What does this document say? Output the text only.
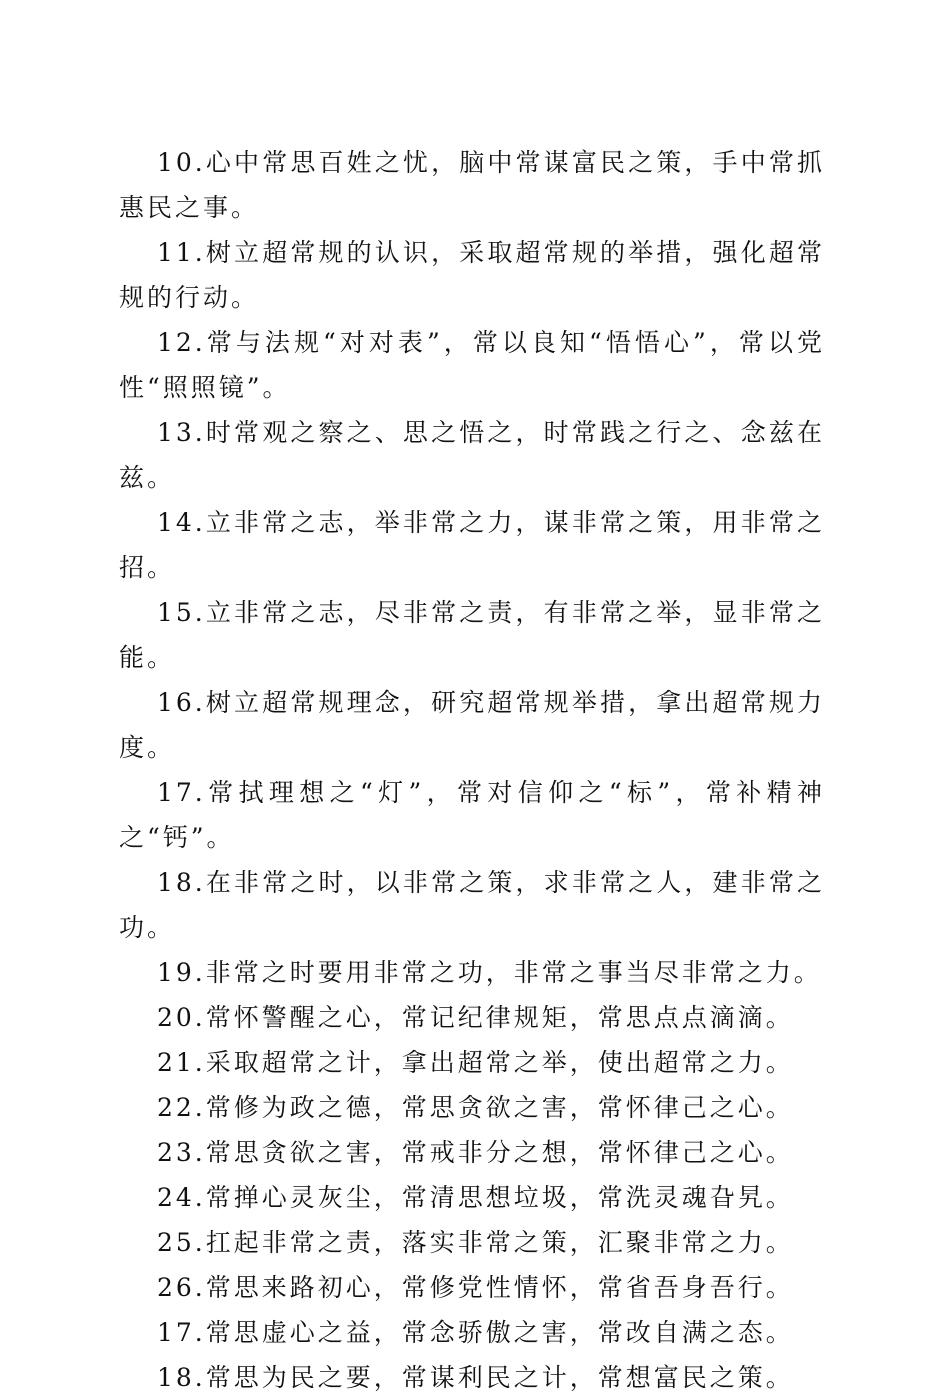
10.心中常思百姓之忧，脑中常谋富民之策，手中常抓惠民之事。

11.树立超常规的认识，采取超常规的举措，强化超常规的行动。

12.常与法规“对对表”，常以良知“悟悟心”，常以党性“照照镜”。

13.时常观之察之、思之悟之，时常践之行之、念兹在兹。

14.立非常之志，举非常之力，谋非常之策，用非常之招。

15.立非常之志，尽非常之责，有非常之举，显非常之能。

16.树立超常规理念，研究超常规举措，拿出超常规力度。

17.常拭理想之“灯”，常对信仰之“标”，常补精神之“钙”。

18.在非常之时，以非常之策，求非常之人，建非常之功。

19.非常之时要用非常之功，非常之事当尽非常之力。

20.常怀警醒之心，常记纪律规矩，常思点点滴滴。

21.采取超常之计，拿出超常之举，使出超常之力。

22.常修为政之德，常思贪欲之害，常怀律己之心。

23.常思贪欲之害，常戒非分之想，常怀律己之心。

24.常掸心灵灰尘，常清思想垃圾，常洗灵魂旮旯。

25.扛起非常之责，落实非常之策，汇聚非常之力。

26.常思来路初心，常修党性情怀，常省吾身吾行。

17.常思虚心之益，常念骄傲之害，常改自满之态。

18.常思为民之要，常谋利民之计，常想富民之策。
